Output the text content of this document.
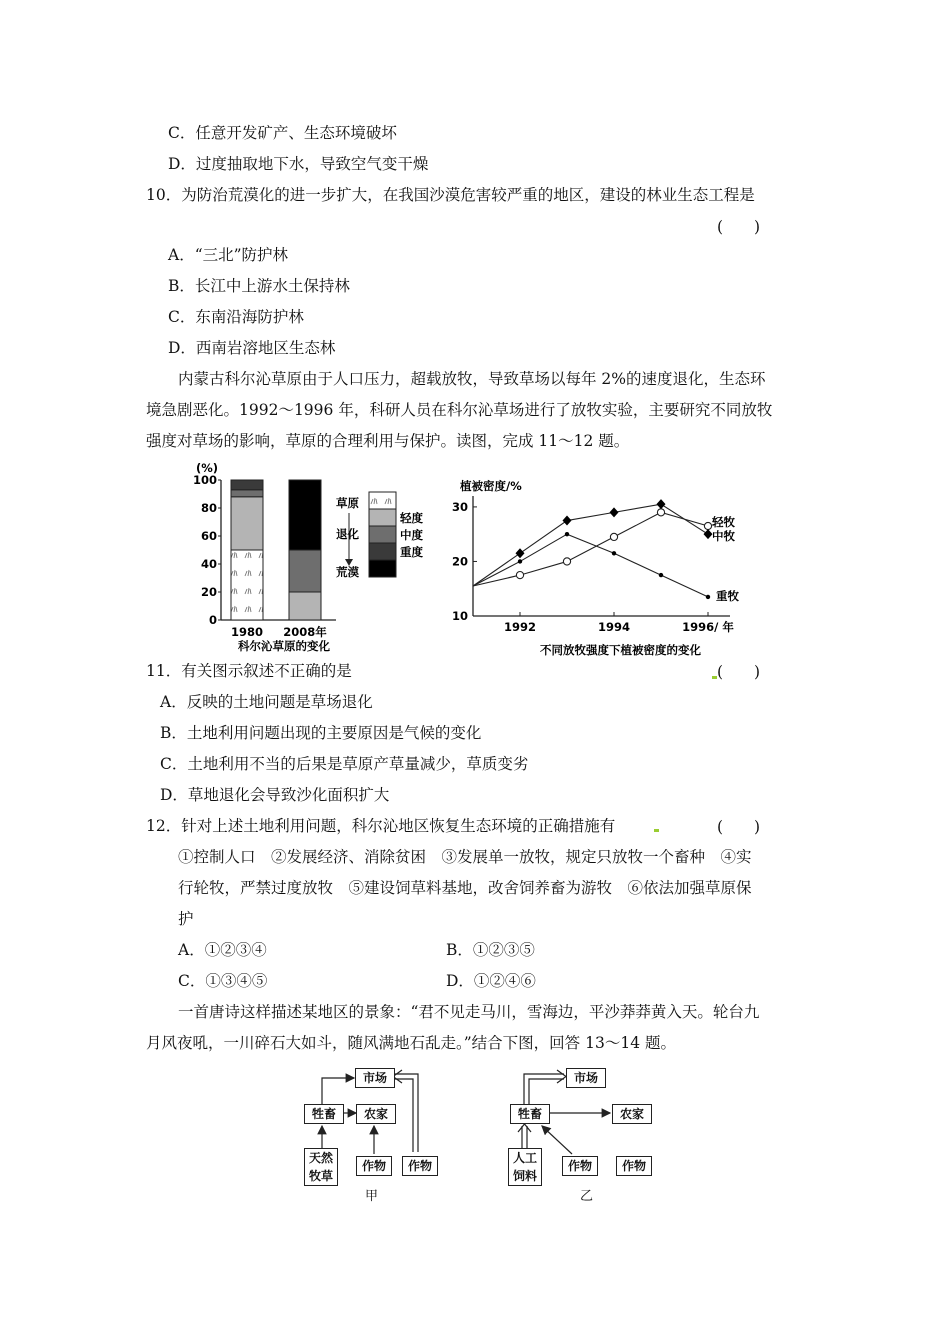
C．任意开发矿产、生态环境破坏
D．过度抽取地下水，导致空气变干燥
10．为防治荒漠化的进一步扩大，在我国沙漠危害较严重的地区，建设的林业生态工程是
(　　)
A．“三北”防护林
B．长江中上游水土保持林
C．东南沿海防护林
D．西南岩溶地区生态林
内蒙古科尔沁草原由于人口压力，超载放牧，导致草场以每年 2%的速度退化，生态环
境急剧恶化。1992～1996 年，科研人员在科尔沁草场进行了放牧实验，主要研究不同放牧
强度对草场的影响，草原的合理利用与保护。读图，完成 11～12 题。
(%)
100
80
60
40
20
0
1980 2008年
科尔沁草原的变化
草原
退化
荒漠
轻度
中度
重度
植被密度/%
30
20
10
1992	1994	1996/ 年
轻牧
中牧
重牧
不同放牧强度下植被密度的变化
11．有关图示叙述不正确的是	(　　)
A．反映的土地问题是草场退化
B．土地利用问题出现的主要原因是气候的变化
C．土地利用不当的后果是草原产草量减少，草质变劣
D．草地退化会导致沙化面积扩大
12．针对上述土地利用问题，科尔沁地区恢复生态环境的正确措施有	(　　)
①控制人口　②发展经济、消除贫困　③发展单一放牧，规定只放牧一个畜种　④实
行轮牧，严禁过度放牧　⑤建设饲草料基地，改舍饲养畜为游牧　⑥依法加强草原保
护
A．①②③④	B．①②③⑤
C．①③④⑤	D．①②④⑥
一首唐诗这样描述某地区的景象：“君不见走马川，雪海边，平沙莽莽黄入天。轮台九
月风夜吼，一川碎石大如斗，随风满地石乱走。”结合下图，回答 13～14 题。
市场
牲畜	农家
天然
牧草
作物	作物
甲
市场
牲畜	农家
人工
饲料
作物	作物
乙
